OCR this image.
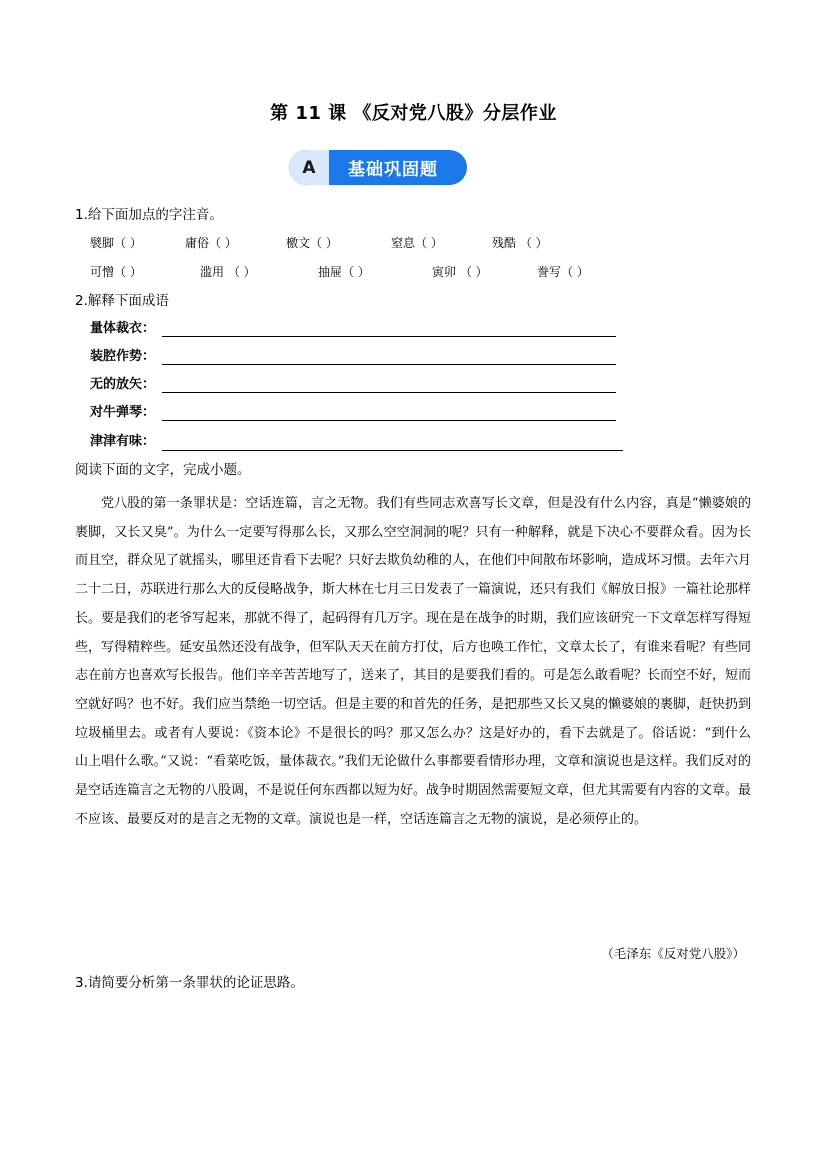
第 11 课 《反对党八股》分层作业
A	基础巩固题
1.给下面加点的字注音。
襞脚（ ）	庸俗（ ）	檄文（ ）	窒息（ ）	残酷 （ ）
可憎（ ）	滥用 （ ）	抽屉（ ）	寅卯 （ ）	誊写（ ）
2.解释下面成语
量体裁衣：
装腔作势：
无的放矢：
对牛弹琴：
津津有味：
阅读下面的文字，完成小题。
党八股的第一条罪状是：空话连篇，言之无物。我们有些同志欢喜写长文章，但是没有什么内容，真是“懒婆娘的裹脚，又长又臭”。为什么一定要写得那么长，又那么空空洞洞的呢？只有一种解释，就是下决心不要群众看。因为长而且空，群众见了就摇头，哪里还肯看下去呢？只好去欺负幼稚的人，在他们中间散布坏影响，造成坏习惯。去年六月二十二日，苏联进行那么大的反侵略战争，斯大林在七月三日发表了一篇演说，还只有我们《解放日报》一篇社论那样长。要是我们的老爷写起来，那就不得了，起码得有几万字。现在是在战争的时期，我们应该研究一下文章怎样写得短些，写得精粹些。延安虽然还没有战争，但军队天天在前方打仗，后方也唤工作忙，文章太长了，有谁来看呢？有些同志在前方也喜欢写长报告。他们辛辛苦苦地写了，送来了，其目的是要我们看的。可是怎么敢看呢？长而空不好，短而空就好吗？也不好。我们应当禁绝一切空话。但是主要的和首先的任务，是把那些又长又臭的懒婆娘的裹脚，赶快扔到垃圾桶里去。或者有人要说：《资本论》不是很长的吗？那又怎么办？这是好办的，看下去就是了。俗话说：“到什么山上唱什么歌。”又说：“看菜吃饭，量体裁衣。”我们无论做什么事都要看情形办理，文章和演说也是这样。我们反对的是空话连篇言之无物的八股调，不是说任何东西都以短为好。战争时期固然需要短文章，但尤其需要有内容的文章。最不应该、最要反对的是言之无物的文章。演说也是一样，空话连篇言之无物的演说，是必须停止的。
（毛泽东《反对党八股》）
3.请简要分析第一条罪状的论证思路。
